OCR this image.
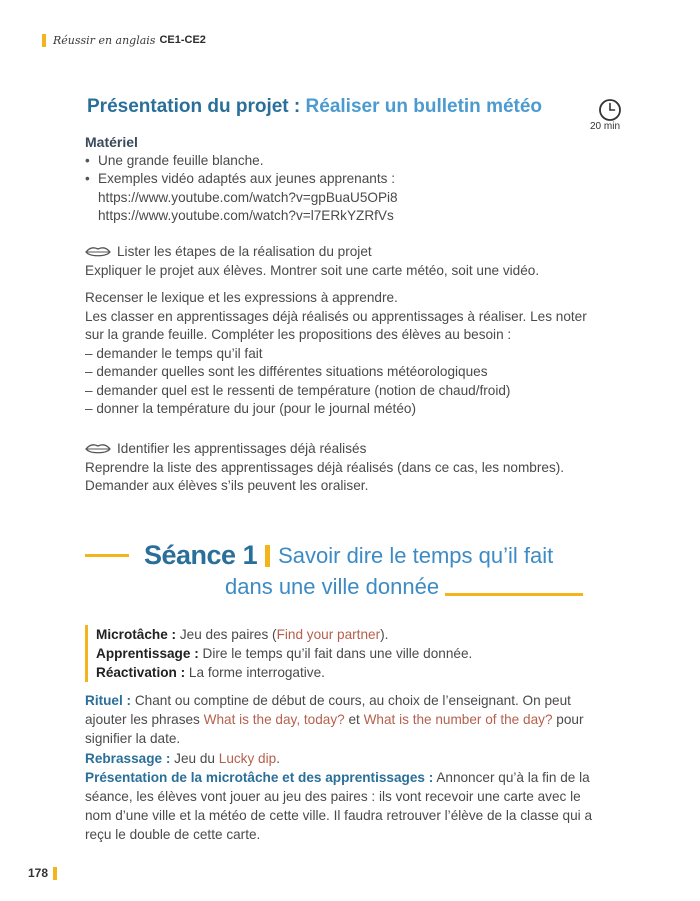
Réussir en anglais CE1-CE2
Présentation du projet : Réaliser un bulletin météo
20 min
Matériel
• Une grande feuille blanche.
• Exemples vidéo adaptés aux jeunes apprenants :
https://www.youtube.com/watch?v=gpBuaU5OPi8
https://www.youtube.com/watch?v=l7ERkYZRfVs
Lister les étapes de la réalisation du projet

Expliquer le projet aux élèves. Montrer soit une carte météo, soit une vidéo.

Recenser le lexique et les expressions à apprendre.
Les classer en apprentissages déjà réalisés ou apprentissages à réaliser. Les noter
sur la grande feuille. Compléter les propositions des élèves au besoin :
– demander le temps qu’il fait
– demander quelles sont les différentes situations météorologiques
– demander quel est le ressenti de température (notion de chaud/froid)
– donner la température du jour (pour le journal météo)
Identifier les apprentissages déjà réalisés
Reprendre la liste des apprentissages déjà réalisés (dans ce cas, les nombres).
Demander aux élèves s’ils peuvent les oraliser.
Séance 1 Savoir dire le temps qu’il fait
dans une ville donnée
Microtâche : Jeu des paires (Find your partner).
Apprentissage : Dire le temps qu’il fait dans une ville donnée.
Réactivation : La forme interrogative.
Rituel : Chant ou comptine de début de cours, au choix de l’enseignant. On peut ajouter les phrases What is the day, today? et What is the number of the day? pour signifier la date.
Rebrassage : Jeu du Lucky dip.
Présentation de la microtâche et des apprentissages : Annoncer qu’à la fin de la séance, les élèves vont jouer au jeu des paires : ils vont recevoir une carte avec le nom d’une ville et la météo de cette ville. Il faudra retrouver l’élève de la classe qui a reçu le double de cette carte.
178
